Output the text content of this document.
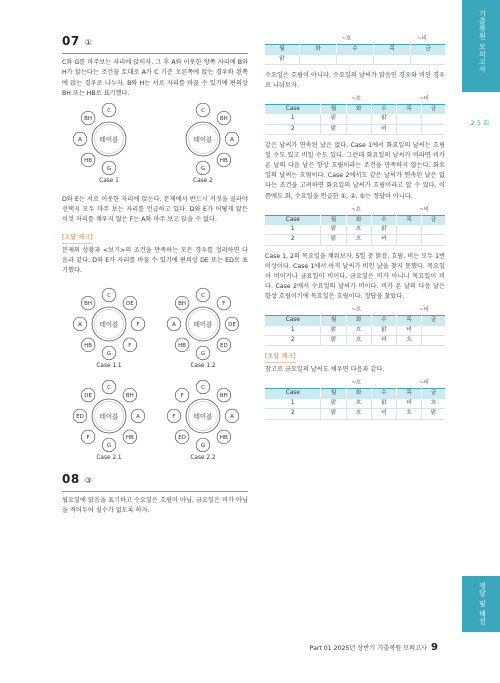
기출복원 모의고사
2 5 회
정답 및 해설
07 ①
C와 G를 마주보는 자리에 앉히자. 그 후 A와 이웃한 양쪽 자리에 B와 H가 앉는다는 조건을 토대로 A가 C 기준 오른쪽에 앉는 경우와 왼쪽에 앉는 경우로 나누자. B와 H는 서로 자리를 바꿀 수 있기에 편의상 BH 또는 HB로 표기했다.
테이블
C
G
A
BH
HB
Case 1
테이블
C
G
A
BH
HB
Case 2
D와 E는 서로 이웃한 자리에 앉는다. 문제에서 반드시 거짓을 골라야 선택지 모두 마주 보는 자리를 언급하고 있다. D와 E가 어떻게 앉든 이것 자리를 채우지 않은 F는 A와 마주 보고 앉을 수 없다.
[오답 체크]
문제의 상황과 <보기>의 조건을 만족하는 모든 경우를 정리하면 다음과 같다. D와 E가 자리를 바꿀 수 있기에 편의상 DE 또는 ED로 표기했다.
테이블
C
G
A	F
BH	DE
HB	F
Case 1.1
테이블
C
G
A	DE
BH	F
HB	ED
Case 1.2
테이블
C
G
ED	A
DE	BH
F	HB
Case 2.1
테이블
C
G
F	A
F	BH
ED	HB
Case 2.2
08 ③
월요일에 맑음을 표기하고 수요일은 흐림이 아님, 금요일은 비가 아님을 적어두어 실수가 없도록 하자.
~흐	~비
월	화	수	목	금
맑				
수요일은 흐림이 아니다. 수요일의 날씨가 맑음인 경우와 비인 경우로 나눠보자.
~흐	~비
Case	월	화	수	목	금
1	맑		맑		
2	맑		비		
같은 날씨가 연속된 날은 없다. Case 1에서 화요일의 날씨는 흐림일 수도 있고 비일 수도 있다. 그런데 화요일의 날씨가 비라면 비가 온 날의 다음 날은 항상 흐림이라는 조건을 만족하지 않는다. 화요일의 날씨는 흐림이다. Case 2에서도 같은 날씨가 연속된 날은 없다는 조건을 고려하면 화요일의 날씨가 흐림이라고 알 수 있다. 이쯤에도 화, 수요일을 언급한 ①, ②, ⑤는 정답이 아니다.
~흐	~비
Case	월	화	수	목	금
1	맑	흐	맑		
2	맑	흐	비		
Case 1, 2의 목요일을 채워보자. 5일 중 맑음, 흐림, 비는 모두 1번 이상이다. Case 1에서 아직 날씨가 비인 날을 찾지 못했다. 목요일이 비이거나 금요일이 비이다. 금요일은 비가 아니니 목요일이 비다. Case 2에서 수요일의 날씨가 비이다. 비가 온 날의 다음 날은 항상 흐림이기에 목요일은 흐림이다. 정답을 찾았다.
~흐	~비
Case	월	화	수	목	금
1	맑	흐	맑	비	
2	맑	흐	비	흐	
[오답 체크]
참고로 금요일의 날씨도 채우면 다음과 같다.
~흐	~비
Case	월	화	수	목	금
1	맑	흐	맑	비	흐
2	맑	흐	비	흐	맑
Part 01 2025년 상반기 기출복원 모의고사 9
